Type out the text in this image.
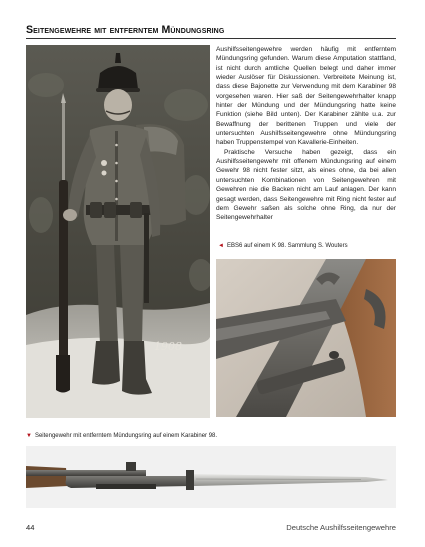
Seitengewehre mit entferntem Mündungsring
1908

Aushilfsseitengewehre werden häufig mit entferntem Mündungsring gefunden. Warum diese Amputation stattfand, ist nicht durch amtliche Quellen belegt und daher immer wieder Auslöser für Diskussionen. Verbreitete Meinung ist, dass diese Bajonette zur Verwendung mit dem Karabiner 98 vorgesehen waren. Hier saß der Seitengewehrhalter knapp hinter der Mündung und der Mündungsring hatte keine Funktion (siehe Bild unten). Der Karabiner zählte u.a. zur Bewaffnung der berittenen Truppen und viele der untersuchten Aushilfsseitengewehre ohne Mündungsring haben Truppenstempel von Kavallerie-Einheiten.

Praktische Versuche haben gezeigt, dass ein Aushilfsseitengewehr mit offenem Mündungsring auf einem Gewehr 98 nicht fester sitzt, als eines ohne, da bei allen untersuchten Kombinationen von Seitengewehren mit Gewehren nie die Backen nicht am Lauf anlagen. Der kann gesagt werden, dass Seitengewehre mit Ring nicht fester auf dem Gewehr saßen als solche ohne Ring, da nur der Seitengewehrhalter

◄ EBS6 auf einem K 98. Sammlung S. Wouters
▼ Seitengewehr mit entferntem Mündungsring auf einem Karabiner 98.
44	Deutsche Aushilfsseitengewehre
